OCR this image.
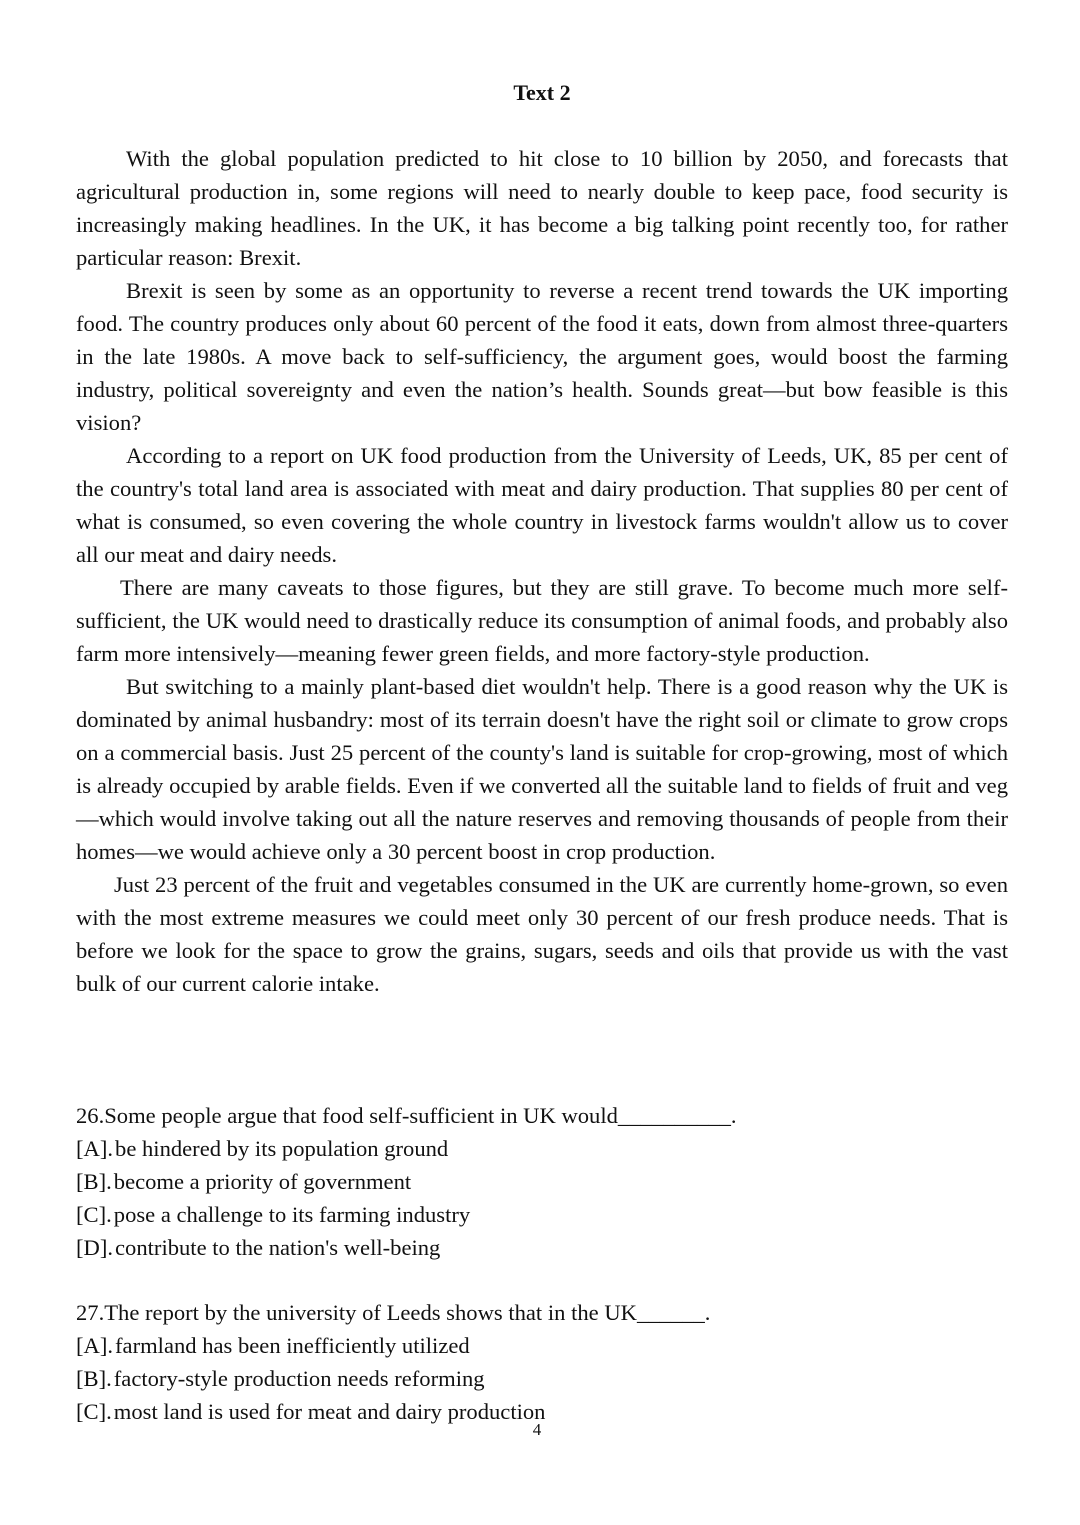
Text 2

With the global population predicted to hit close to 10 billion by 2050, and forecasts that agricultural production in, some regions will need to nearly double to keep pace, food security is increasingly making headlines. In the UK, it has become a big talking point recently too, for rather particular reason: Brexit.

Brexit is seen by some as an opportunity to reverse a recent trend towards the UK importing food. The country produces only about 60 percent of the food it eats, down from almost three-quarters in the late 1980s. A move back to self-sufficiency, the argument goes, would boost the farming industry, political sovereignty and even the nation’s health. Sounds great—but bow feasible is this vision?

According to a report on UK food production from the University of Leeds, UK, 85 per cent of the country's total land area is associated with meat and dairy production. That supplies 80 per cent of what is consumed, so even covering the whole country in livestock farms wouldn't allow us to cover all our meat and dairy needs.

There are many caveats to those figures, but they are still grave. To become much more self-sufficient, the UK would need to drastically reduce its consumption of animal foods, and probably also farm more intensively—meaning fewer green fields, and more factory-style production.

But switching to a mainly plant-based diet wouldn't help. There is a good reason why the UK is dominated by animal husbandry: most of its terrain doesn't have the right soil or climate to grow crops on a commercial basis. Just 25 percent of the county's land is suitable for crop-growing, most of which is already occupied by arable fields. Even if we converted all the suitable land to fields of fruit and veg—which would involve taking out all the nature reserves and removing thousands of people from their homes—we would achieve only a 30 percent boost in crop production.

Just 23 percent of the fruit and vegetables consumed in the UK are currently home-grown, so even with the most extreme measures we could meet only 30 percent of our fresh produce needs. That is before we look for the space to grow the grains, sugars, seeds and oils that provide us with the vast bulk of our current calorie intake.

26.Some people argue that food self-sufficient in UK would__________.
[A].be hindered by its population ground
[B].become a priority of government
[C].pose a challenge to its farming industry
[D].contribute to the nation's well-being
27.The report by the university of Leeds shows that in the UK______.
[A].farmland has been inefficiently utilized
[B].factory-style production needs reforming
[C].most land is used for meat and dairy production
4
